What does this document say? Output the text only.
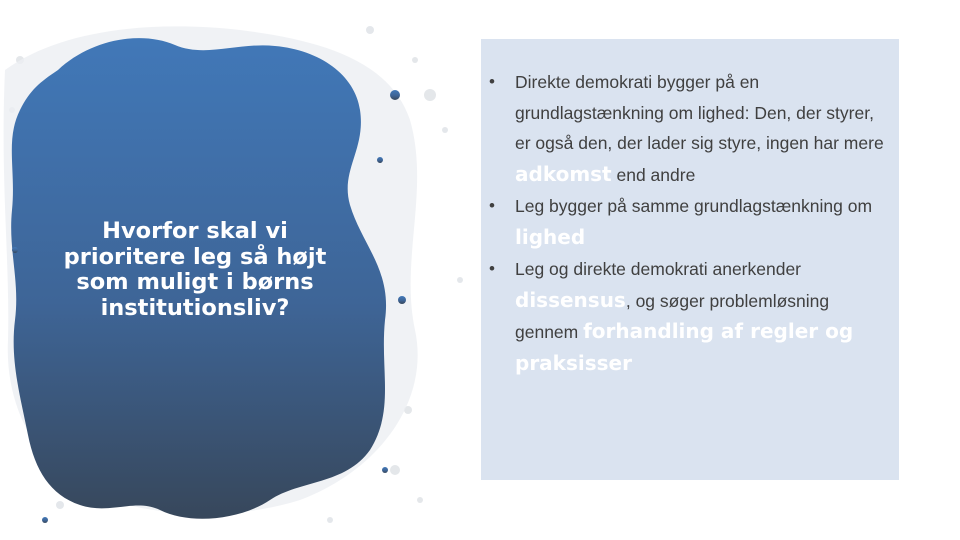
Hvorfor skal vi
prioritere leg så højt
som muligt i børns
institutionsliv?
• Direkte demokrati bygger på en grundlagstænkning om lighed: Den, der styrer, er også den, der lader sig styre, ingen har mere adkomst end andre
• Leg bygger på samme grundlagstænkning om lighed
• Leg og direkte demokrati anerkender dissensus, og søger problemløsning gennem forhandling af regler og praksisser
